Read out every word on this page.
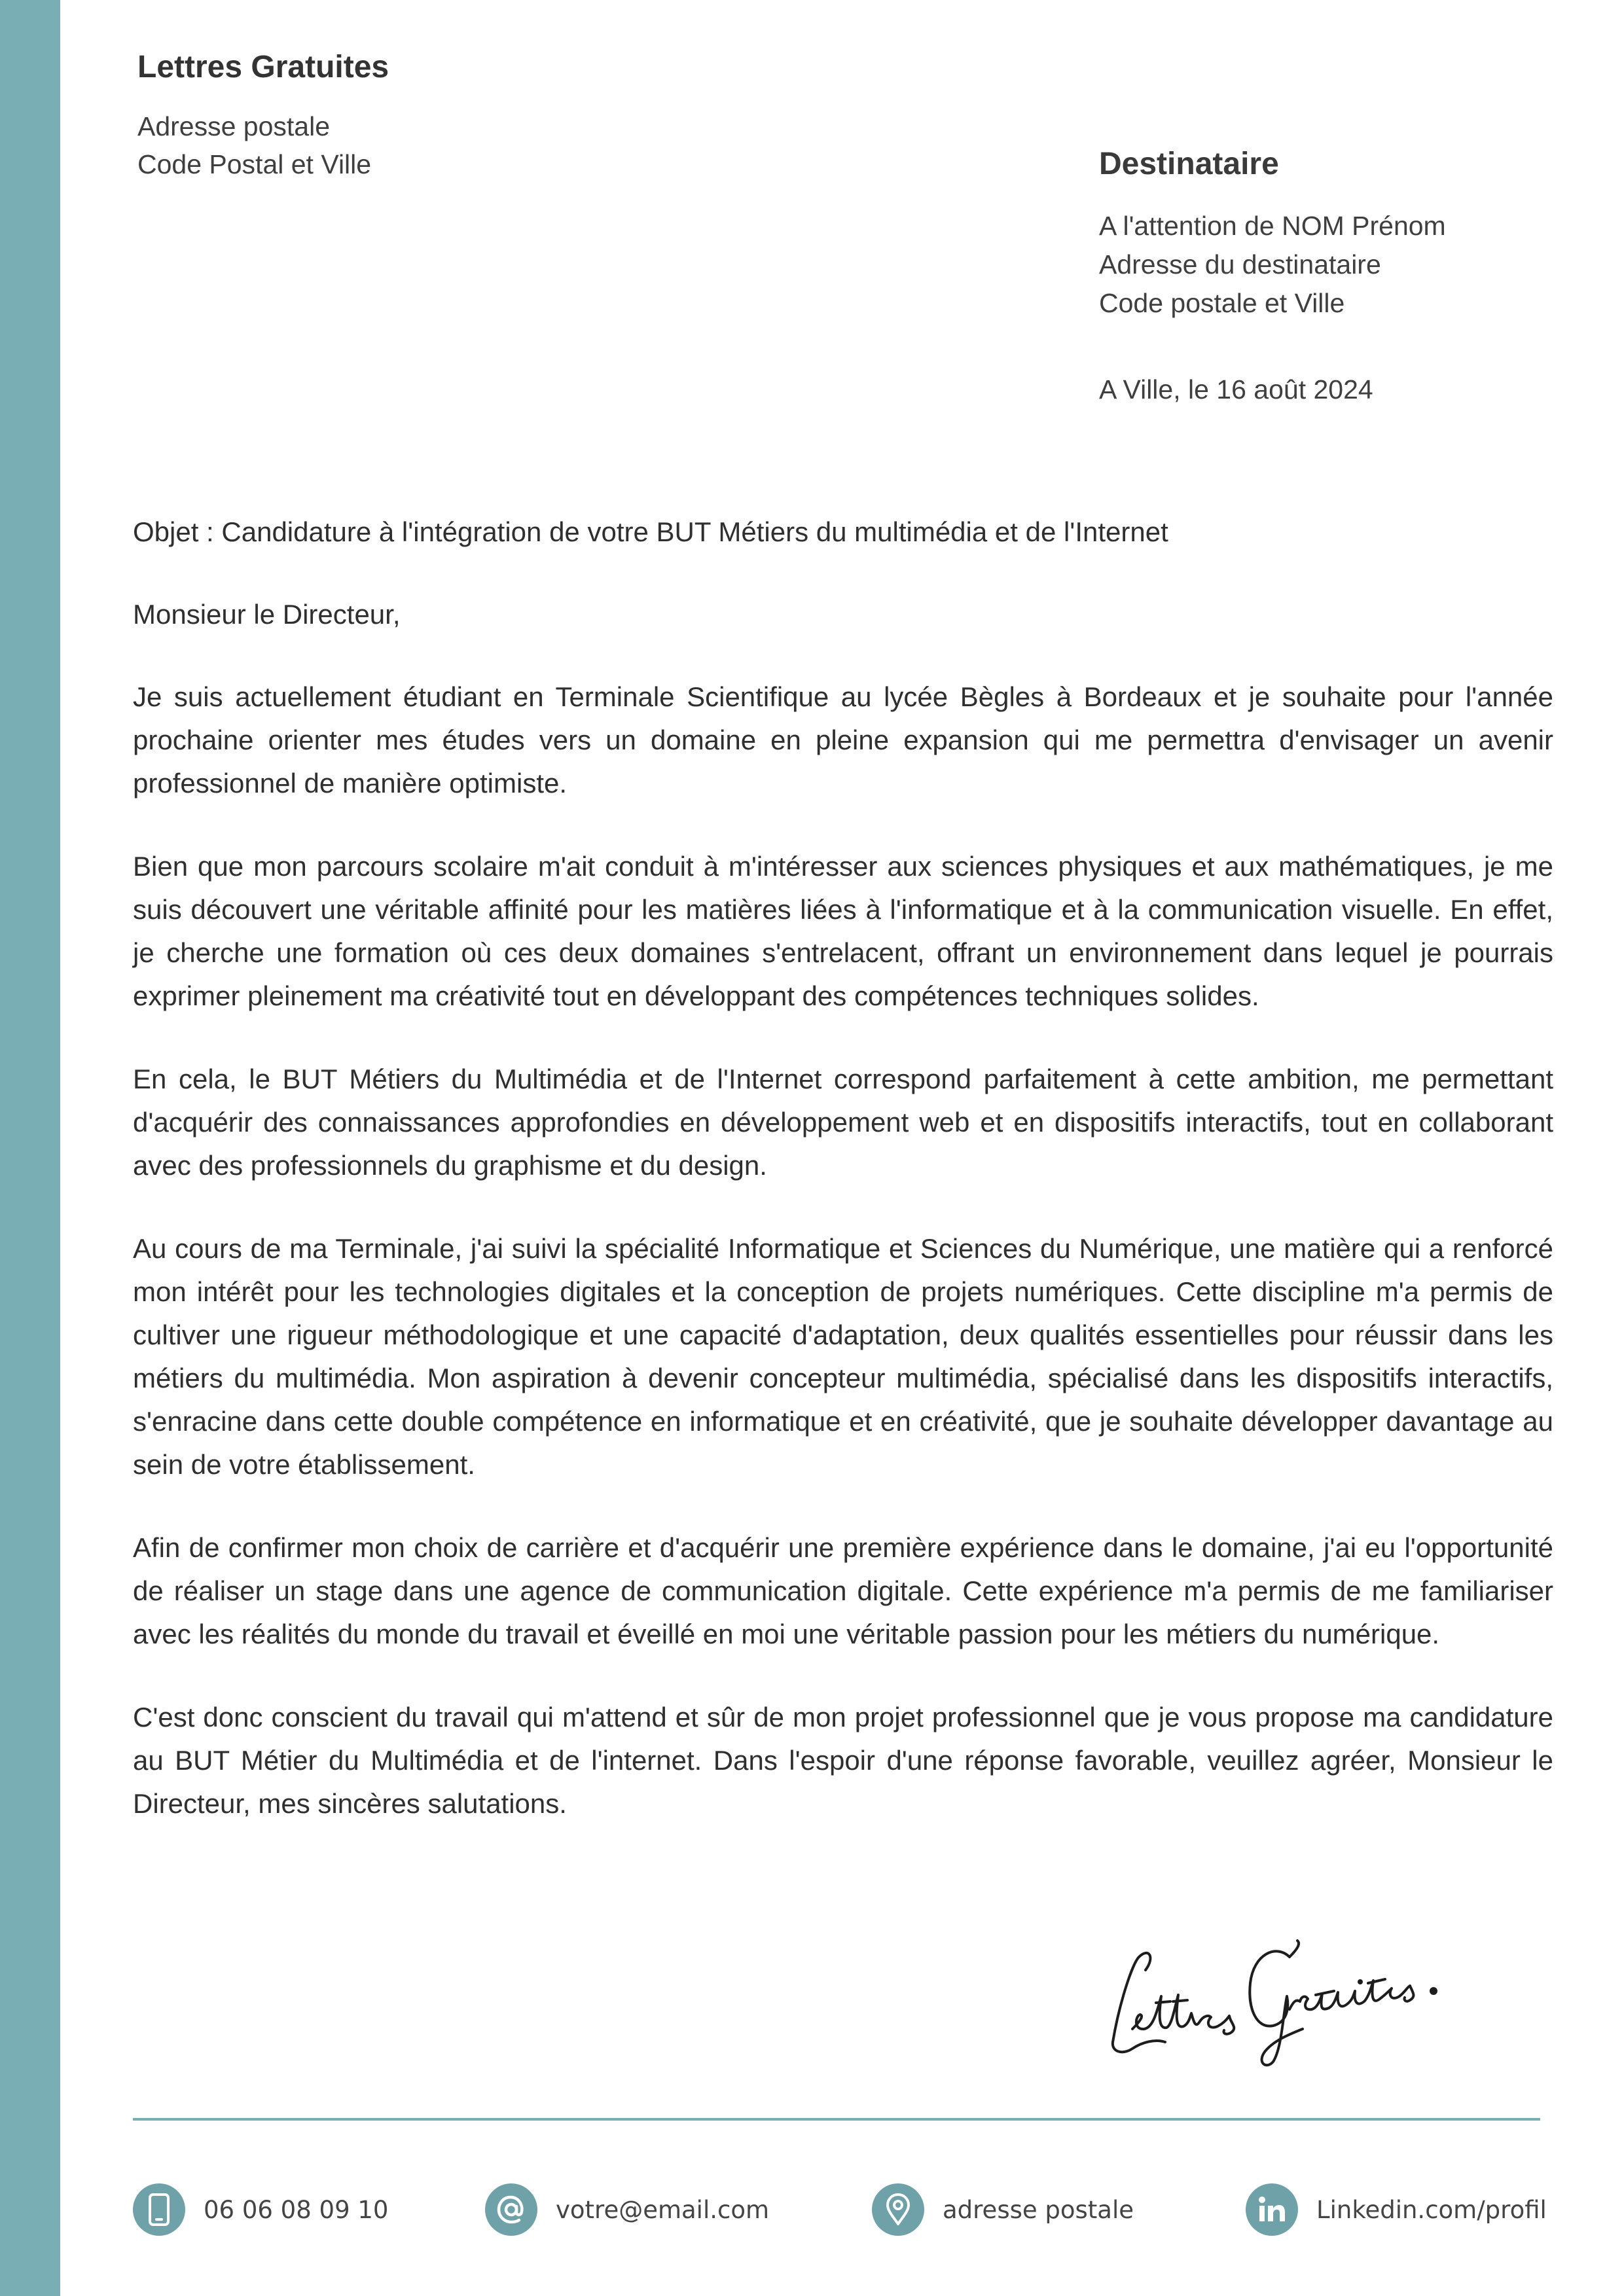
Lettres Gratuites
Adresse postale
Code Postal et Ville	Destinataire
A l'attention de NOM Prénom
Adresse du destinataire
Code postale et Ville
A Ville, le 16 août 2024

Objet : Candidature à l'intégration de votre BUT Métiers du multimédia et de l'Internet

Monsieur le Directeur,

Je suis actuellement étudiant en Terminale Scientifique au lycée Bègles à Bordeaux et je souhaite pour l'année prochaine orienter mes études vers un domaine en pleine expansion qui me permettra d'envisager un avenir professionnel de manière optimiste.

Bien que mon parcours scolaire m'ait conduit à m'intéresser aux sciences physiques et aux mathématiques, je me suis découvert une véritable affinité pour les matières liées à l'informatique et à la communication visuelle. En effet, je cherche une formation où ces deux domaines s'entrelacent, offrant un environnement dans lequel je pourrais exprimer pleinement ma créativité tout en développant des compétences techniques solides.

En cela, le BUT Métiers du Multimédia et de l'Internet correspond parfaitement à cette ambition, me permettant d'acquérir des connaissances approfondies en développement web et en dispositifs interactifs, tout en collaborant avec des professionnels du graphisme et du design.

Au cours de ma Terminale, j'ai suivi la spécialité Informatique et Sciences du Numérique, une matière qui a renforcé mon intérêt pour les technologies digitales et la conception de projets numériques. Cette discipline m'a permis de cultiver une rigueur méthodologique et une capacité d'adaptation, deux qualités essentielles pour réussir dans les métiers du multimédia. Mon aspiration à devenir concepteur multimédia, spécialisé dans les dispositifs interactifs, s'enracine dans cette double compétence en informatique et en créativité, que je souhaite développer davantage au sein de votre établissement.

Afin de confirmer mon choix de carrière et d'acquérir une première expérience dans le domaine, j'ai eu l'opportunité de réaliser un stage dans une agence de communication digitale. Cette expérience m'a permis de me familiariser avec les réalités du monde du travail et éveillé en moi une véritable passion pour les métiers du numérique.

C'est donc conscient du travail qui m'attend et sûr de mon projet professionnel que je vous propose ma candidature au BUT Métier du Multimédia et de l'internet. Dans l'espoir d'une réponse favorable, veuillez agréer, Monsieur le Directeur, mes sincères salutations.

06 06 08 09 10	votre@email.com	adresse postale	Linkedin.com/profil
